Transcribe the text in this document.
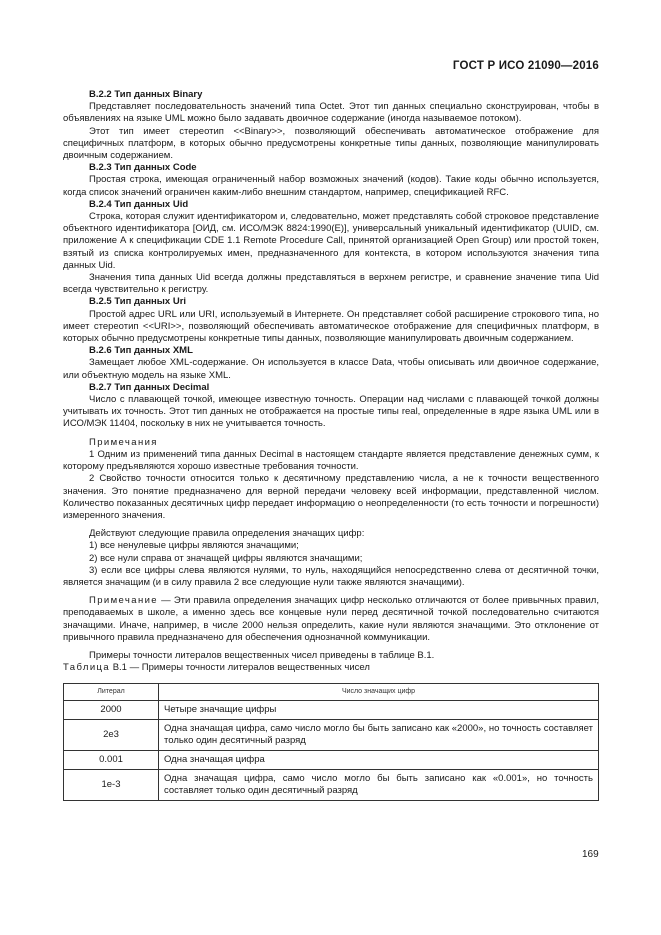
ГОСТ Р ИСО 21090—2016
B.2.2 Тип данных Binary

Представляет последовательность значений типа Octet. Этот тип данных специально сконструирован, чтобы в объявлениях на языке UML можно было задавать двоичное содержание (иногда называемое потоком).

Этот тип имеет стереотип <<Binary>>, позволяющий обеспечивать автоматическое отображение для специфичных платформ, в которых обычно предусмотрены конкретные типы данных, позволяющие манипулировать двоичным содержанием.

B.2.3 Тип данных Code

Простая строка, имеющая ограниченный набор возможных значений (кодов). Такие коды обычно используется, когда список значений ограничен каким-либо внешним стандартом, например, спецификацией RFC.

B.2.4 Тип данных Uid

Строка, которая служит идентификатором и, следовательно, может представлять собой строковое представление объектного идентификатора [ОИД, см. ИСО/МЭК 8824:1990(E)], универсальный уникальный идентификатор (UUID, см. приложение А к спецификации CDE 1.1 Remote Procedure Call, принятой организацией Open Group) или простой токен, взятый из списка контролируемых имен, предназначенного для контекста, в котором используются значения типа данных Uid.

Значения типа данных Uid всегда должны представляться в верхнем регистре, и сравнение значение типа Uid всегда чувствительно к регистру.

B.2.5 Тип данных Uri

Простой адрес URL или URI, используемый в Интернете. Он представляет собой расширение строкового типа, но имеет стереотип <<URI>>, позволяющий обеспечивать автоматическое отображение для специфичных платформ, в которых обычно предусмотрены конкретные типы данных, позволяющие манипулировать двоичным содержанием.

B.2.6 Тип данных XML

Замещает любое XML-содержание. Он используется в классе Data, чтобы описывать или двоичное содержание, или объектную модель на языке XML.

B.2.7 Тип данных Decimal

Число с плавающей точкой, имеющее известную точность. Операции над числами с плавающей точкой должны учитывать их точность. Этот тип данных не отображается на простые типы real, определенные в ядре языка UML или в ИСО/МЭК 11404, поскольку в них не учитывается точность.

Примечания

1 Одним из применений типа данных Decimal в настоящем стандарте является представление денежных сумм, к которому предъявляются хорошо известные требования точности.

2 Свойство точности относится только к десятичному представлению числа, а не к точности вещественного значения. Это понятие предназначено для верной передачи человеку всей информации, представленной числом. Количество показанных десятичных цифр передает информацию о неопределенности (то есть точности и погрешности) измеренного значения.

Действуют следующие правила определения значащих цифр:

1) все ненулевые цифры являются значащими;

2) все нули справа от значащей цифры являются значащими;

3) если все цифры слева являются нулями, то нуль, находящийся непосредственно слева от десятичной точки, является значащим (и в силу правила 2 все следующие нули также являются значащими).

Примечание — Эти правила определения значащих цифр несколько отличаются от более привычных правил, преподаваемых в школе, а именно здесь все концевые нули перед десятичной точкой последовательно считаются значащими. Иначе, например, в числе 2000 нельзя определить, какие нули являются значащими. Это отклонение от привычного правила предназначено для обеспечения однозначной коммуникации.

Примеры точности литералов вещественных чисел приведены в таблице B.1.

Таблица B.1 — Примеры точности литералов вещественных чисел

Литерал	Число значащих цифр
2000	Четыре значащие цифры
2e3	Одна значащая цифра, само число могло бы быть записано как «2000», но точность составляет только один десятичный разряд
0.001	Одна значащая цифра
1e-3	Одна значащая цифра, само число могло бы быть записано как «0.001», но точность составляет только один десятичный разряд
169
